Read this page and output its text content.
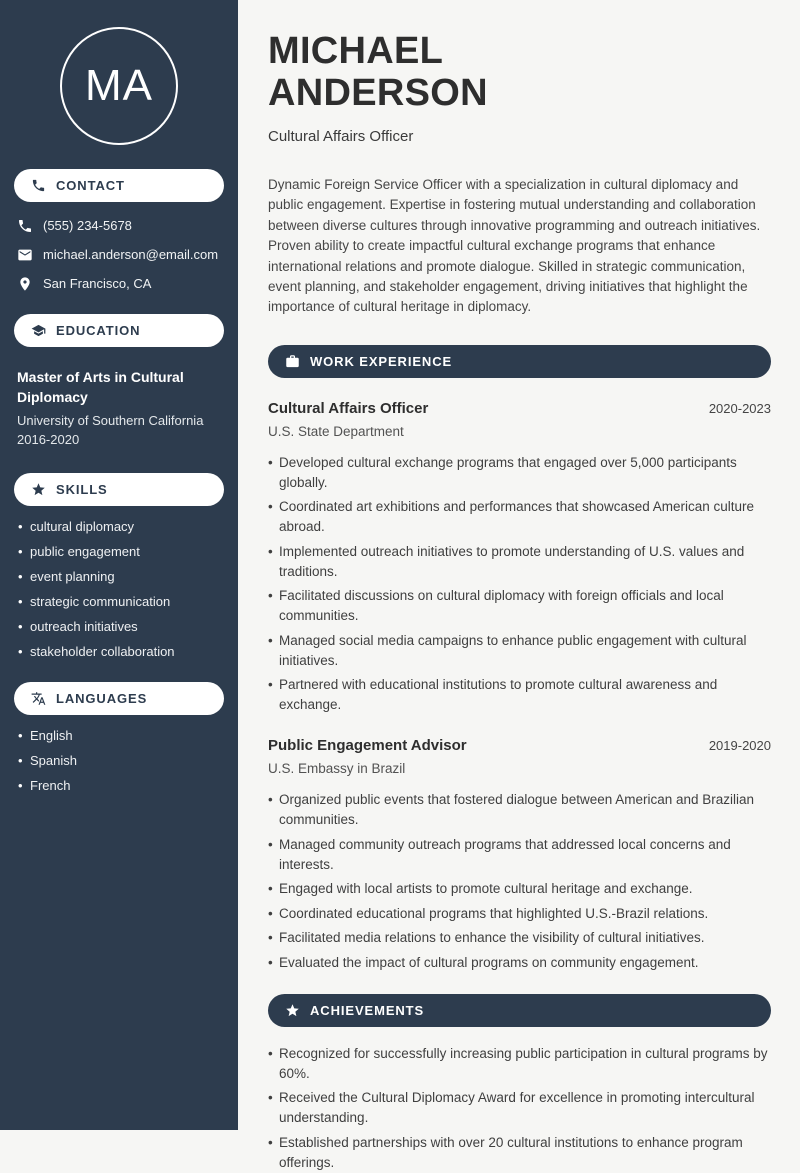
MA
CONTACT
(555) 234-5678
michael.anderson@email.com
San Francisco, CA
EDUCATION
Master of Arts in Cultural Diplomacy
University of Southern California
2016-2020
SKILLS
• cultural diplomacy
• public engagement
• event planning
• strategic communication
• outreach initiatives
• stakeholder collaboration
LANGUAGES
• English
• Spanish
• French
MICHAEL
ANDERSON
Cultural Affairs Officer

Dynamic Foreign Service Officer with a specialization in cultural diplomacy and public engagement. Expertise in fostering mutual understanding and collaboration between diverse cultures through innovative programming and outreach initiatives. Proven ability to create impactful cultural exchange programs that enhance international relations and promote dialogue. Skilled in strategic communication, event planning, and stakeholder engagement, driving initiatives that highlight the importance of cultural heritage in diplomacy.

WORK EXPERIENCE
Cultural Affairs Officer	2020-2023
U.S. State Department
• Developed cultural exchange programs that engaged over 5,000 participants globally.
• Coordinated art exhibitions and performances that showcased American culture abroad.
• Implemented outreach initiatives to promote understanding of U.S. values and traditions.
• Facilitated discussions on cultural diplomacy with foreign officials and local communities.
• Managed social media campaigns to enhance public engagement with cultural initiatives.
• Partnered with educational institutions to promote cultural awareness and exchange.
Public Engagement Advisor	2019-2020
U.S. Embassy in Brazil
• Organized public events that fostered dialogue between American and Brazilian communities.
• Managed community outreach programs that addressed local concerns and interests.
• Engaged with local artists to promote cultural heritage and exchange.
• Coordinated educational programs that highlighted U.S.-Brazil relations.
• Facilitated media relations to enhance the visibility of cultural initiatives.
• Evaluated the impact of cultural programs on community engagement.
ACHIEVEMENTS
• Recognized for successfully increasing public participation in cultural programs by 60%.
• Received the Cultural Diplomacy Award for excellence in promoting intercultural understanding.
• Established partnerships with over 20 cultural institutions to enhance program offerings.
